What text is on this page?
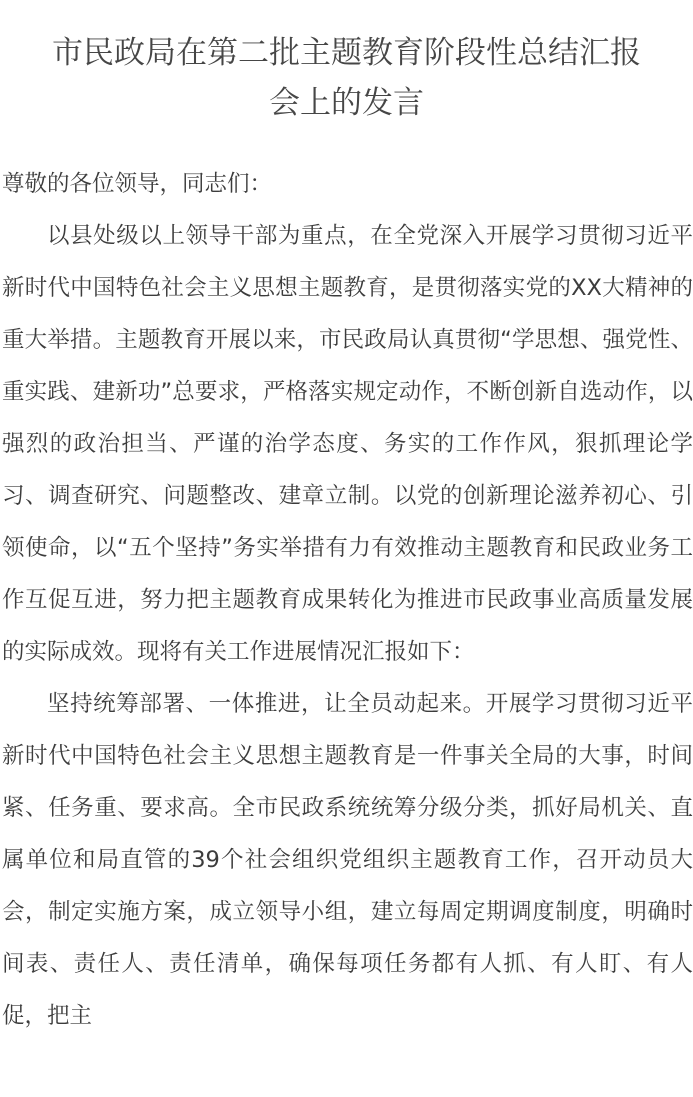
市民政局在第二批主题教育阶段性总结汇报
会上的发言

尊敬的各位领导，同志们：

以县处级以上领导干部为重点，在全党深入开展学习贯彻习近平新时代中国特色社会主义思想主题教育，是贯彻落实党的XX大精神的重大举措。主题教育开展以来，市民政局认真贯彻“学思想、强党性、重实践、建新功”总要求，严格落实规定动作，不断创新自选动作，以强烈的政治担当、严谨的治学态度、务实的工作作风，狠抓理论学习、调查研究、问题整改、建章立制。以党的创新理论滋养初心、引领使命，以“五个坚持”务实举措有力有效推动主题教育和民政业务工作互促互进，努力把主题教育成果转化为推进市民政事业高质量发展的实际成效。现将有关工作进展情况汇报如下：

坚持统筹部署、一体推进，让全员动起来。开展学习贯彻习近平新时代中国特色社会主义思想主题教育是一件事关全局的大事，时间紧、任务重、要求高。全市民政系统统筹分级分类，抓好局机关、直属单位和局直管的39个社会组织党组织主题教育工作，召开动员大会，制定实施方案，成立领导小组，建立每周定期调度制度，明确时间表、责任人、责任清单，确保每项任务都有人抓、有人盯、有人促，把主
